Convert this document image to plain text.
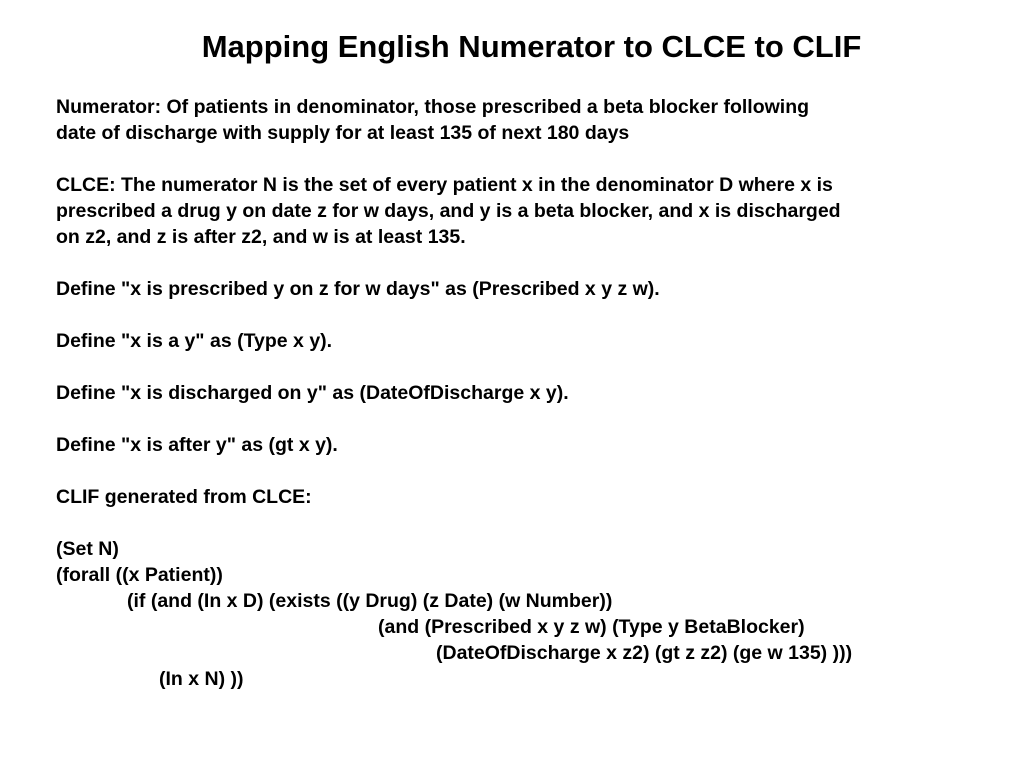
Mapping English Numerator to CLCE to CLIF
Numerator: Of patients in denominator, those prescribed a beta blocker following
date of discharge with supply for at least 135 of next 180 days
CLCE: The numerator N is the set of every patient x in the denominator D where x is
prescribed a drug y on date z for w days, and y is a beta blocker, and x is discharged
on z2, and z is after z2, and w is at least 135.
Define "x is prescribed y on z for w days" as (Prescribed x y z w).
Define "x is a y" as (Type x y).
Define "x is discharged on y" as (DateOfDischarge x y).
Define "x is after y" as (gt x y).
CLIF generated from CLCE:
(Set N)
(forall ((x Patient))
(if (and (In x D) (exists ((y Drug) (z Date) (w Number))
(and (Prescribed x y z w) (Type y BetaBlocker)
(DateOfDischarge x z2) (gt z z2) (ge w 135) )))
(In x N) ))
